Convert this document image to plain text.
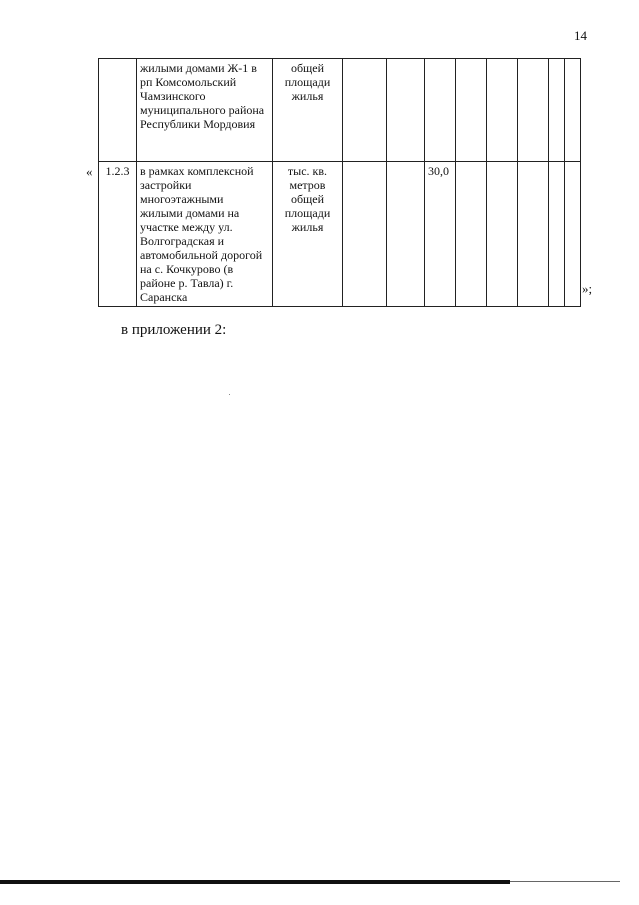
14
«
	жилыми домами Ж-1 в рп Комсомольский Чамзинского муниципального района Республики Мордовия	общей площади жилья								
1.2.3	в рамках комплексной застройки многоэтажными жилыми домами на участке между ул. Волгоградская и автомобильной дорогой на с. Кочкурово (в районе р. Тавла) г. Саранска	тыс. кв. метров общей площади жилья			30,0					
»;
в приложении 2:
